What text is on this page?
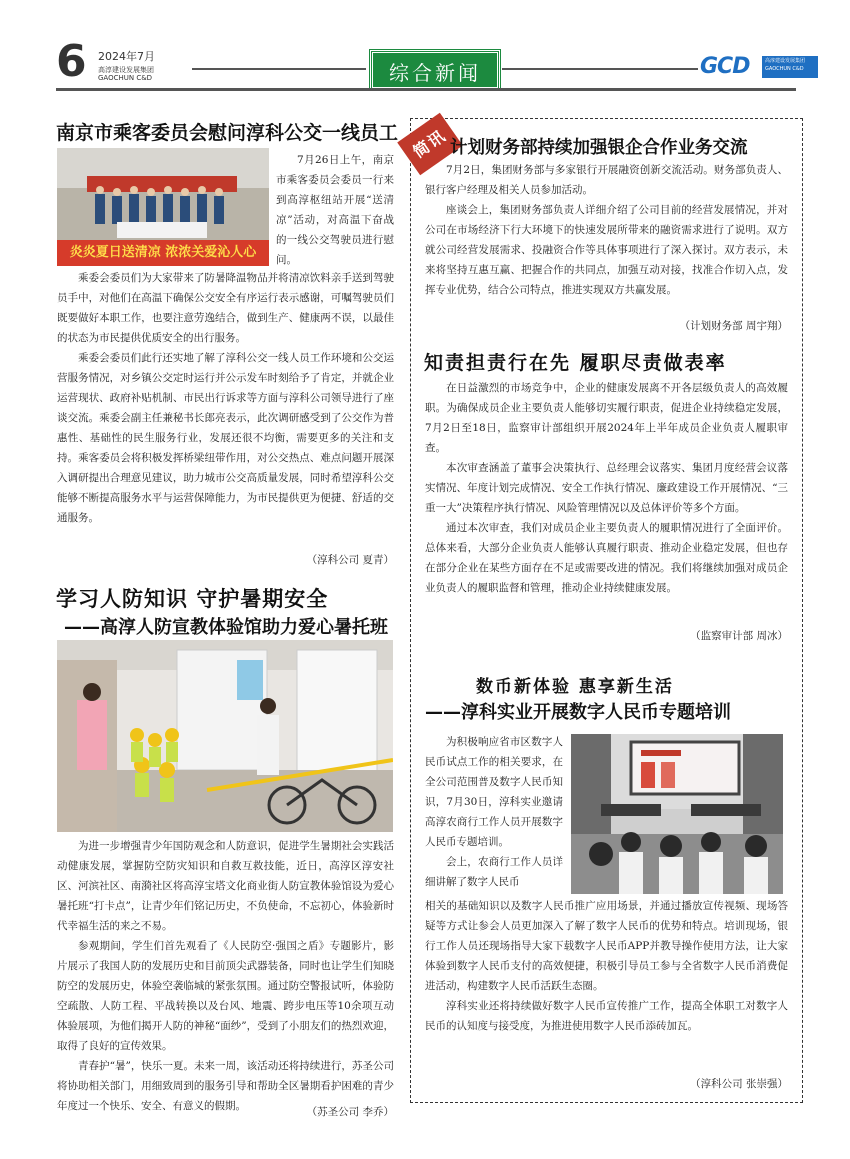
6 2024年7月
高淳建设发展集团
GAOCHUN C&D	综合新闻	GCD	高淳建设发展集团
GAOCHUN C&D
南京市乘客委员会慰问淳科公交一线员工
炎炎夏日送清凉 浓浓关爱沁人心

7月26日上午，南京市乘客委员会委员一行来到高淳枢纽站开展“送清凉”活动，对高温下奋战的一线公交驾驶员进行慰问。

乘委会委员们为大家带来了防暑降温物品并将清凉饮料亲手送到驾驶员手中，对他们在高温下确保公交安全有序运行表示感谢，可嘱驾驶员们既要做好本职工作，也要注意劳逸结合，做到生产、健康两不误，以最佳的状态为市民提供优质安全的出行服务。

乘委会委员们此行还实地了解了淳科公交一线人员工作环境和公交运营服务情况，对乡镇公交定时运行并公示发车时刻给予了肯定，并就企业运营现状、政府补贴机制、市民出行诉求等方面与淳科公司领导进行了座谈交流。乘委会副主任兼秘书长郎亮表示，此次调研感受到了公交作为普惠性、基础性的民生服务行业，发展还很不均衡，需要更多的关注和支持。乘客委员会将积极发挥桥梁纽带作用，对公交热点、难点问题开展深入调研提出合理意见建议，助力城市公交高质量发展，同时希望淳科公交能够不断提高服务水平与运营保障能力，为市民提供更为便捷、舒适的交通服务。

（淳科公司 夏青）
学习人防知识 守护暑期安全
——高淳人防宣教体验馆助力爱心暑托班

为进一步增强青少年国防观念和人防意识，促进学生暑期社会实践活动健康发展，掌握防空防灾知识和自救互救技能，近日，高淳区淳安社区、河滨社区、南漪社区将高淳宝塔文化商业街人防宣教体验馆设为爱心暑托班“打卡点”，让青少年们铭记历史，不负使命，不忘初心，体验新时代幸福生活的来之不易。

参观期间，学生们首先观看了《人民防空·强国之盾》专题影片，影片展示了我国人防的发展历史和目前顶尖武器装备，同时也让学生们知晓防空的发展历史，体验空袭临城的紧张氛围。通过防空警报试听，体验防空疏散、人防工程、平战转换以及台风、地震、跨步电压等10余项互动体验展项，为他们揭开人防的神秘“面纱”，受到了小朋友们的热烈欢迎，取得了良好的宣传效果。

青春护“暑”，快乐一夏。未来一周，该活动还将持续进行，苏圣公司将协助相关部门，用细致周到的服务引导和帮助全区暑期看护困难的青少年度过一个快乐、安全、有意义的假期。	（苏圣公司 李乔）
简讯 计划财务部持续加强银企合作业务交流

7月2日，集团财务部与多家银行开展融资创新交流活动。财务部负责人、银行客户经理及相关人员参加活动。

座谈会上，集团财务部负责人详细介绍了公司目前的经营发展情况，并对公司在市场经济下行大环境下的快速发展所带来的融资需求进行了说明。双方就公司经营发展需求、投融资合作等具体事项进行了深入探讨。双方表示，未来将坚持互惠互赢、把握合作的共同点，加强互动对接，找准合作切入点，发挥专业优势，结合公司特点，推进实现双方共赢发展。

（计划财务部 周宇翔）
知责担责行在先 履职尽责做表率

在日益激烈的市场竞争中，企业的健康发展离不开各层级负责人的高效履职。为确保成员企业主要负责人能够切实履行职责，促进企业持续稳定发展，7月2日至18日，监察审计部组织开展2024年上半年成员企业负责人履职审查。

本次审查涵盖了董事会决策执行、总经理会议落实、集团月度经营会议落实情况、年度计划完成情况、安全工作执行情况、廉政建设工作开展情况、“三重一大”决策程序执行情况、风险管理情况以及总体评价等多个方面。

通过本次审查，我们对成员企业主要负责人的履职情况进行了全面评价。总体来看，大部分企业负责人能够认真履行职责、推动企业稳定发展，但也存在部分企业在某些方面存在不足或需要改进的情况。我们将继续加强对成员企业负责人的履职监督和管理，推动企业持续健康发展。

（监察审计部 周冰）
数币新体验 惠享新生活
——淳科实业开展数字人民币专题培训

为积极响应省市区数字人民币试点工作的相关要求，在全公司范围普及数字人民币知识，7月30日，淳科实业邀请高淳农商行工作人员开展数字人民币专题培训。

会上，农商行工作人员详细讲解了数字人民币

相关的基础知识以及数字人民币推广应用场景，并通过播放宣传视频、现场答疑等方式让参会人员更加深入了解了数字人民币的优势和特点。培训现场，银行工作人员还现场指导大家下载数字人民币APP并教导操作使用方法，让大家体验到数字人民币支付的高效便捷，积极引导员工参与全省数字人民币消费促进活动，构建数字人民币活跃生态圈。

淳科实业还将持续做好数字人民币宣传推广工作，提高全体职工对数字人民币的认知度与接受度，为推进使用数字人民币添砖加瓦。

（淳科公司 张崇强）
